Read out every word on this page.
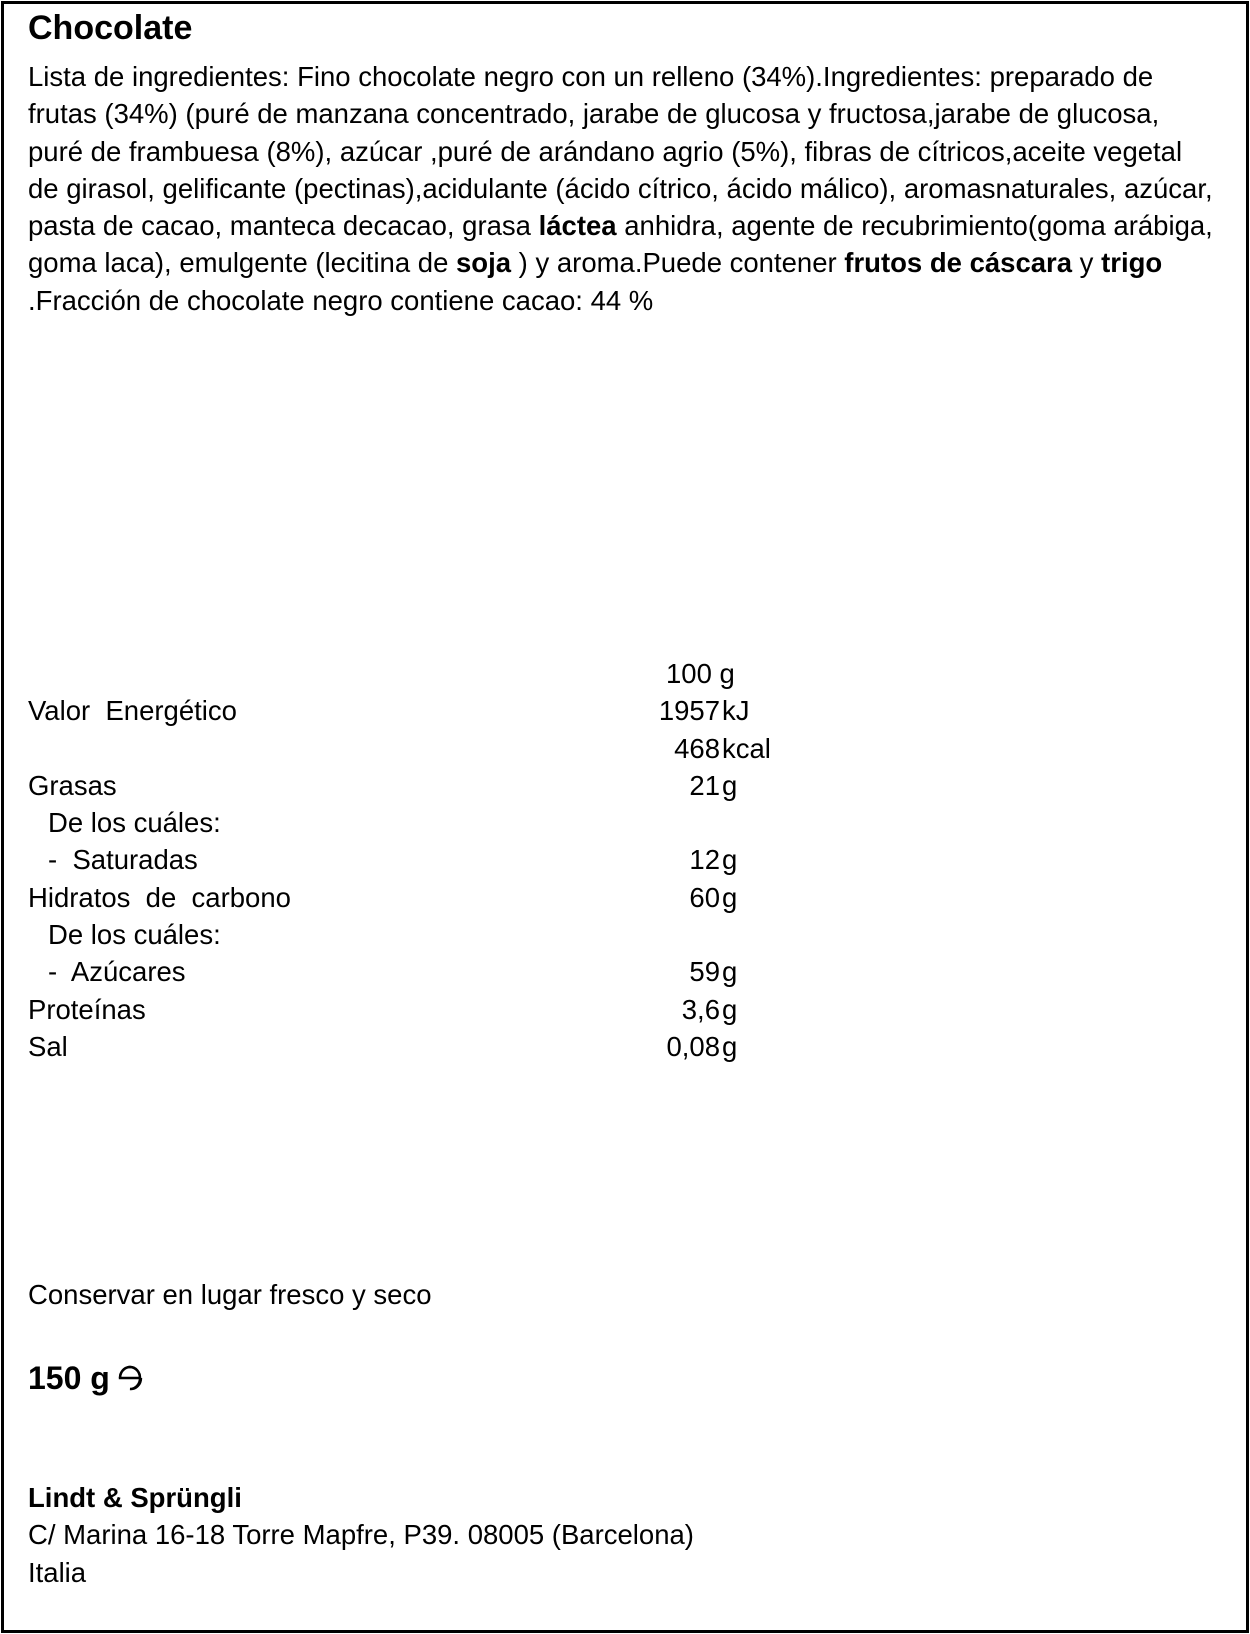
Chocolate

Lista de ingredientes: Fino chocolate negro con un relleno (34%).Ingredientes: preparado de frutas (34%) (puré de manzana concentrado, jarabe de glucosa y fructosa,jarabe de glucosa, puré de frambuesa (8%), azúcar ,puré de arándano agrio (5%), fibras de cítricos,aceite vegetal de girasol, gelificante (pectinas),acidulante (ácido cítrico, ácido málico), aromasnaturales, azúcar, pasta de cacao, manteca decacao, grasa láctea anhidra, agente de recubrimiento(goma arábiga, goma laca), emulgente (lecitina de soja ) y aroma.Puede contener frutos de cáscara y trigo .Fracción de chocolate negro contiene cacao: 44 %

100 g
Valor  Energético	1957 kJ
468 kcal
Grasas	21 g
De los cuáles:
-  Saturadas	12 g
Hidratos  de  carbono	60 g
De los cuáles:
-  Azúcares	59 g
Proteínas	3,6 g
Sal	0,08 g
Conservar en lugar fresco y seco
150 g
Lindt & Sprüngli
C/ Marina 16-18 Torre Mapfre, P39. 08005 (Barcelona)
Italia
